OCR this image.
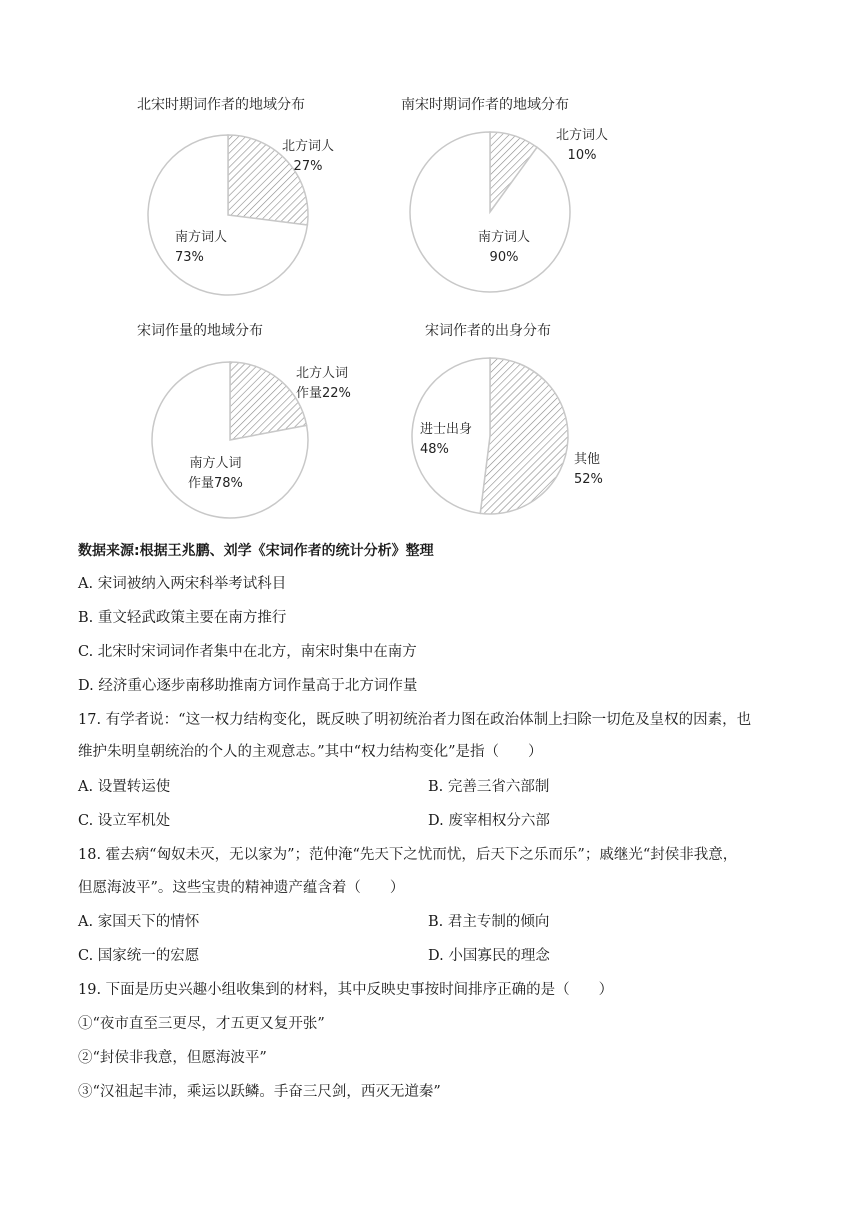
北宋时期词作者的地域分布
北方词人
27%
南方词人
73%
南宋时期词作者的地域分布
北方词人
10%
南方词人
90%
宋词作量的地域分布
北方人词
作量22%
南方人词
作量78%
宋词作者的出身分布
其他
52%
进士出身
48%
数据来源:根据王兆鹏、刘学《宋词作者的统计分析》整理
A. 宋词被纳入两宋科举考试科目
B. 重文轻武政策主要在南方推行
C. 北宋时宋词词作者集中在北方，南宋时集中在南方
D. 经济重心逐步南移助推南方词作量高于北方词作量
17. 有学者说：“这一权力结构变化，既反映了明初统治者力图在政治体制上扫除一切危及皇权的因素，也
维护朱明皇朝统治的个人的主观意志。”其中“权力结构变化”是指（　　）
A. 设置转运使	B. 完善三省六部制
C. 设立军机处	D. 废宰相权分六部
18. 霍去病“匈奴未灭，无以家为”；范仲淹“先天下之忧而忧，后天下之乐而乐”；戚继光“封侯非我意，
但愿海波平”。这些宝贵的精神遗产蕴含着（　　）
A. 家国天下的情怀	B. 君主专制的倾向
C. 国家统一的宏愿	D. 小国寡民的理念
19. 下面是历史兴趣小组收集到的材料，其中反映史事按时间排序正确的是（　　）
①“夜市直至三更尽，才五更又复开张”
②“封侯非我意，但愿海波平”
③“汉祖起丰沛，乘运以跃鳞。手奋三尺剑，西灭无道秦”
